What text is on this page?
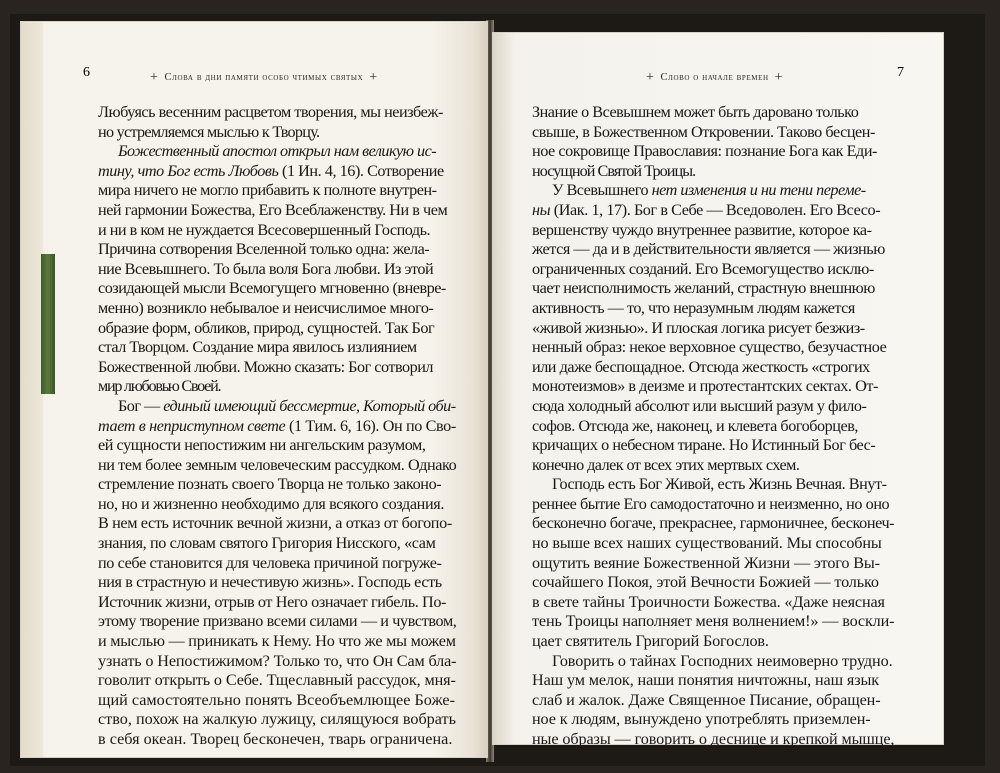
6	+ Слова в дни памяти особо чтимых святых +

Любуясь весенним расцветом творения, мы неизбеж-

но устремляемся мыслью к Творцу.

Божественный апостол открыл нам великую ис-

тину, что Бог есть Любовь (1 Ин. 4, 16). Сотворение

мира ничего не могло прибавить к полноте внутрен-

ней гармонии Божества, Его Всеблаженству. Ни в чем

и ни в ком не нуждается Всесовершенный Господь.

Причина сотворения Вселенной только одна: жела-

ние Всевышнего. То была воля Бога любви. Из этой

созидающей мысли Всемогущего мгновенно (вневре-

менно) возникло небывалое и неисчислимое много-

образие форм, обликов, природ, сущностей. Так Бог

стал Творцом. Создание мира явилось излиянием

Божественной любви. Можно сказать: Бог сотворил

мир любовью Своей.

Бог — единый имеющий бессмертие, Который оби-

тает в неприступном свете (1 Тим. 6, 16). Он по Сво-

ей сущности непостижим ни ангельским разумом,

ни тем более земным человеческим рассудком. Однако

стремление познать своего Творца не только законо-

но, но и жизненно необходимо для всякого создания.

В нем есть источник вечной жизни, а отказ от богопо-

знания, по словам святого Григория Нисского, «сам

по себе становится для человека причиной погруже-

ния в страстную и нечестивую жизнь». Господь есть

Источник жизни, отрыв от Него означает гибель. По-

этому творение призвано всеми силами — и чувством,

и мыслью — приникать к Нему. Но что же мы можем

узнать о Непостижимом? Только то, что Он Сам бла-

говолит открыть о Себе. Тщеславный рассудок, мня-

щий самостоятельно понять Всеобъемлющее Боже-

ство, похож на жалкую лужицу, силящуюся вобрать

в себя океан. Творец бесконечен, тварь ограничена.

7
+ Слово о начале времен +

Знание о Всевышнем может быть даровано только

свыше, в Божественном Откровении. Таково бесцен-

ное сокровище Православия: познание Бога как Еди-

носущной Святой Троицы.

У Всевышнего нет изменения и ни тени переме-

ны (Иак. 1, 17). Бог в Себе — Вседоволен. Его Всесо-

вершенству чуждо внутреннее развитие, которое ка-

жется — да и в действительности является — жизнью

ограниченных созданий. Его Всемогущество исклю-

чает неисполнимость желаний, страстную внешнюю

активность — то, что неразумным людям кажется

«живой жизнью». И плоская логика рисует безжиз-

ненный образ: некое верховное существо, безучастное

или даже беспощадное. Отсюда жесткость «строгих

монотеизмов» в деизме и протестантских сектах. От-

сюда холодный абсолют или высший разум у фило-

софов. Отсюда же, наконец, и клевета богоборцев,

кричащих о небесном тиране. Но Истинный Бог бес-

конечно далек от всех этих мертвых схем.

Господь есть Бог Живой, есть Жизнь Вечная. Внут-

реннее бытие Его самодостаточно и неизменно, но оно

бесконечно богаче, прекраснее, гармоничнее, бесконеч-

но выше всех наших существований. Мы способны

ощутить веяние Божественной Жизни — этого Вы-

сочайшего Покоя, этой Вечности Божией — только

в свете тайны Троичности Божества. «Даже неясная

тень Троицы наполняет меня волнением!» — воскли-

цает святитель Григорий Богослов.

Говорить о тайнах Господних неимоверно трудно.

Наш ум мелок, наши понятия ничтожны, наш язык

слаб и жалок. Даже Священное Писание, обращен-

ное к людям, вынуждено употреблять приземлен-

ные образы — говорить о деснице и крепкой мышце,
